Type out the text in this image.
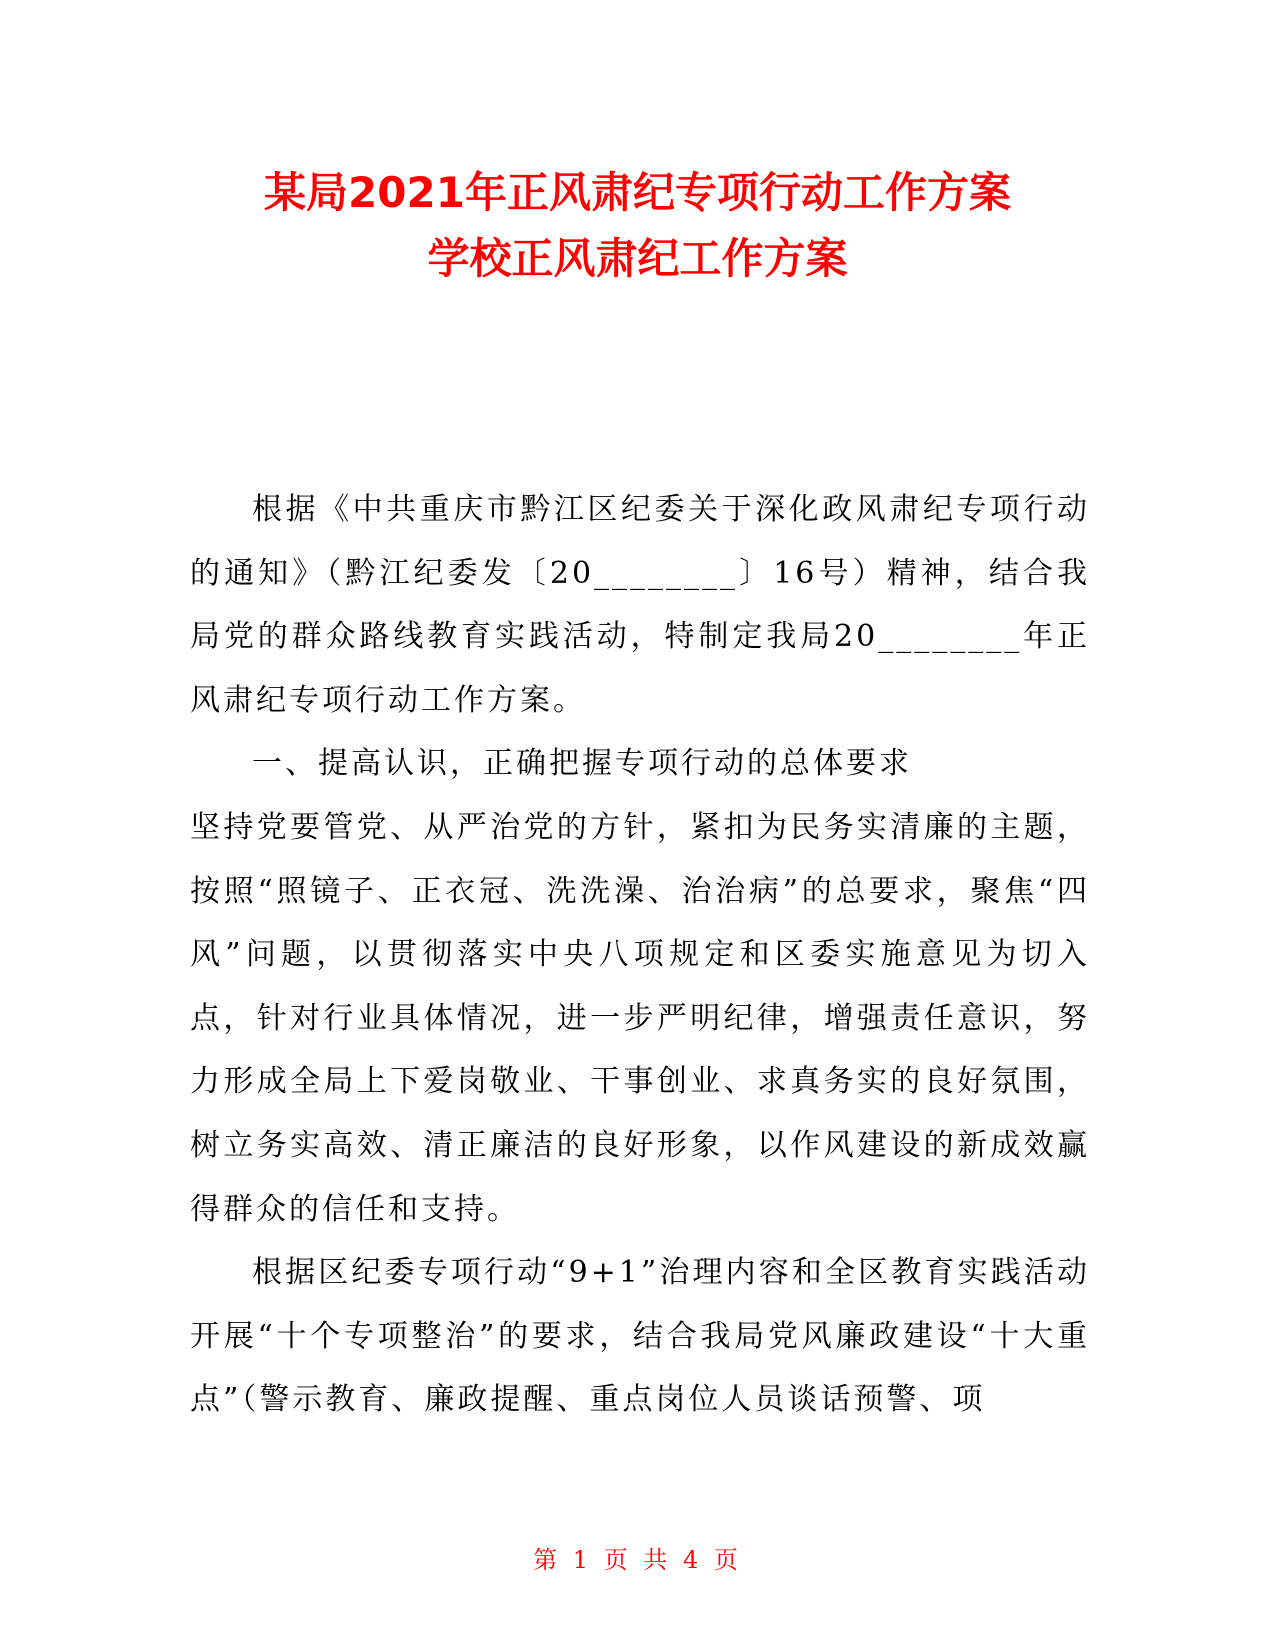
某局2021年正风肃纪专项行动工作方案
学校正风肃纪工作方案

根据《中共重庆市黔江区纪委关于深化政风肃纪专项行动的通知》（黔江纪委发〔20________〕16号）精神，结合我局党的群众路线教育实践活动，特制定我局20________年正风肃纪专项行动工作方案。

一、提高认识，正确把握专项行动的总体要求

坚持党要管党、从严治党的方针，紧扣为民务实清廉的主题，按照“照镜子、正衣冠、洗洗澡、治治病”的总要求，聚焦“四风”问题，以贯彻落实中央八项规定和区委实施意见为切入点，针对行业具体情况，进一步严明纪律，增强责任意识，努力形成全局上下爱岗敬业、干事创业、求真务实的良好氛围，树立务实高效、清正廉洁的良好形象，以作风建设的新成效赢得群众的信任和支持。

根据区纪委专项行动“9+1”治理内容和全区教育实践活动开展“十个专项整治”的要求，结合我局党风廉政建设“十大重点”（警示教育、廉政提醒、重点岗位人员谈话预警、项

第 1 页 共 4 页
